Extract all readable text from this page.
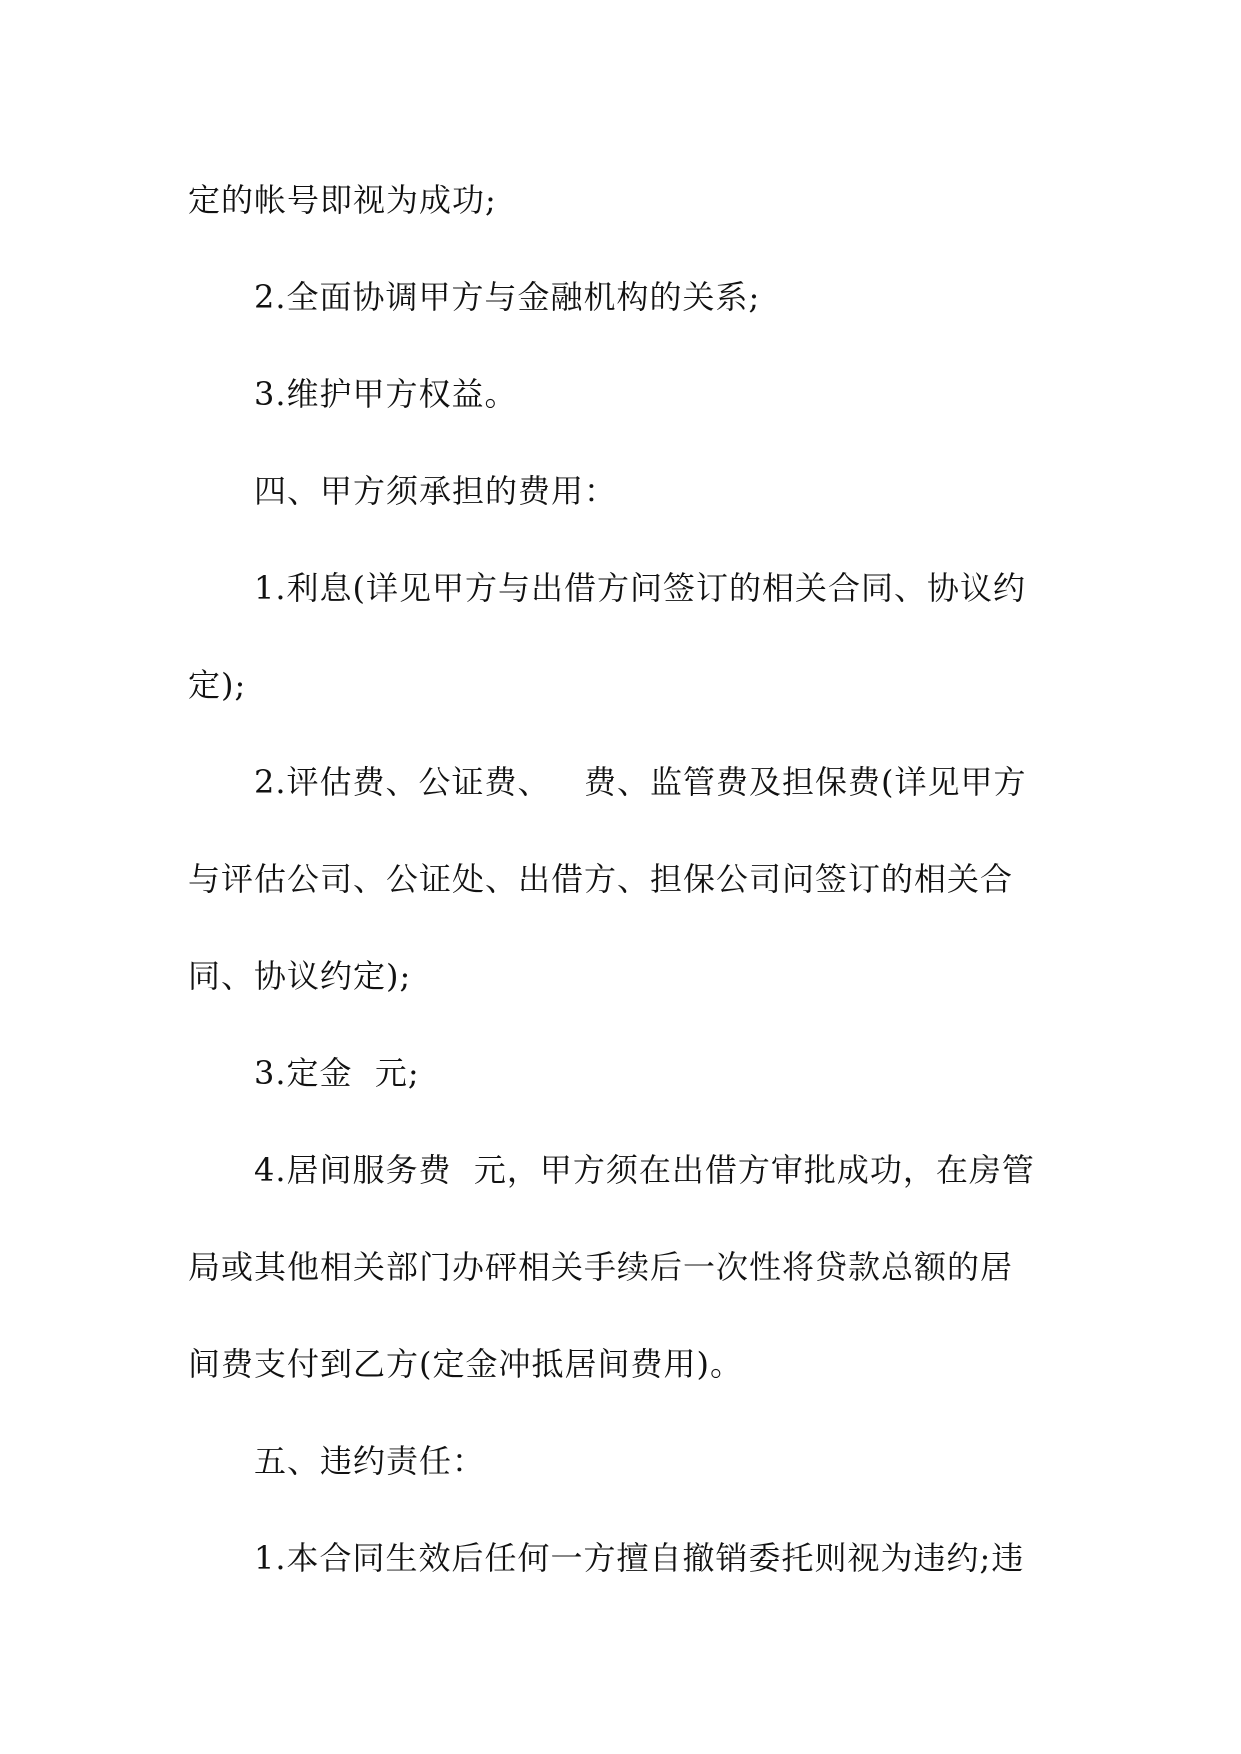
定的帐号即视为成功;
2.全面协调甲方与金融机构的关系;
3.维护甲方权益。
四、甲方须承担的费用：
1.利息(详见甲方与出借方问签订的相关合同、协议约
定);
2.评估费、公证费、   费、监管费及担保费(详见甲方
与评估公司、公证处、出借方、担保公司问签订的相关合
同、协议约定);
3.定金  元;
4.居间服务费  元，甲方须在出借方审批成功，在房管
局或其他相关部门办砰相关手续后一次性将贷款总额的居
间费支付到乙方(定金冲抵居间费用)。
五、违约责任：
1.本合同生效后任何一方擅自撤销委托则视为违约;违
